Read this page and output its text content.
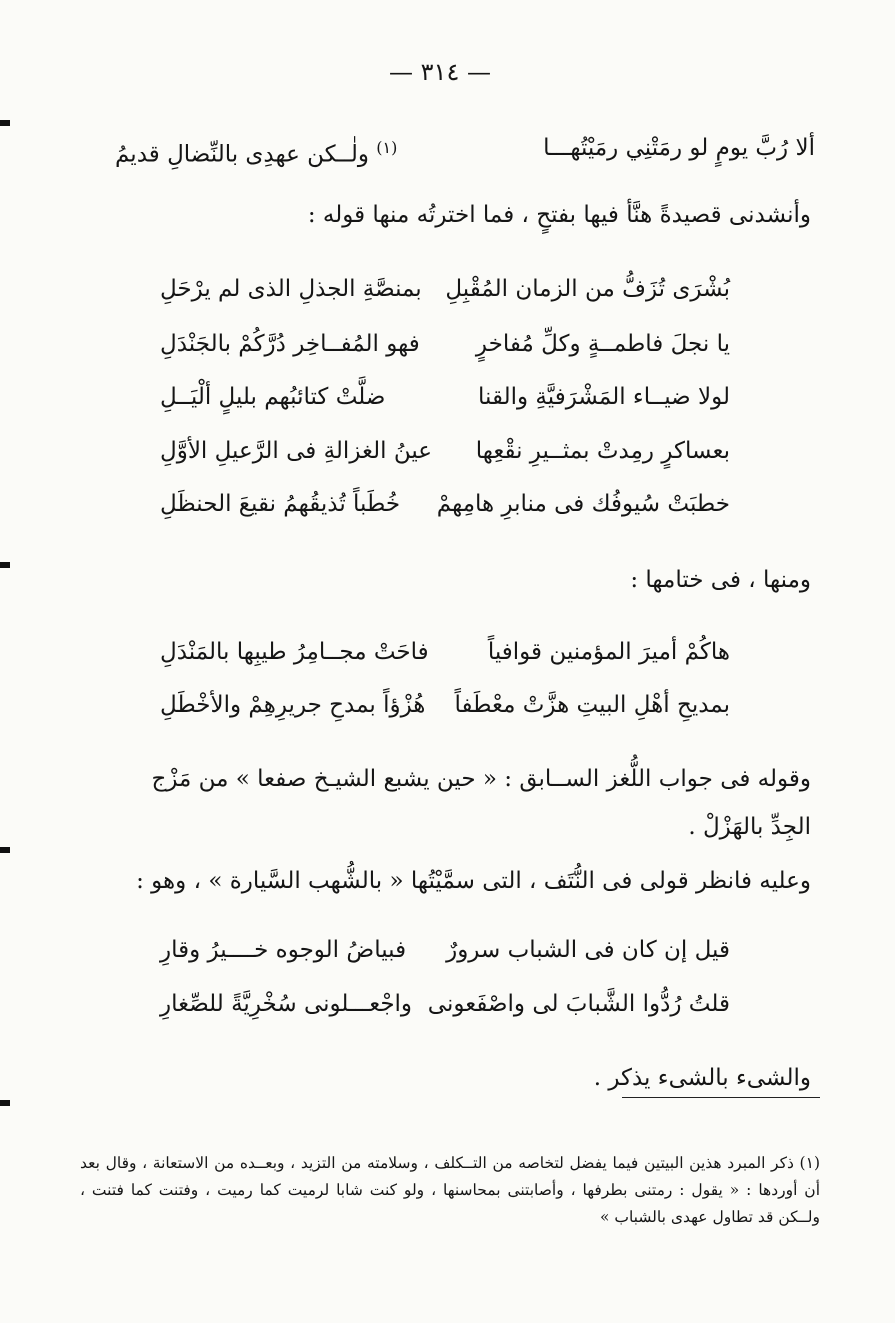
— ٣١٤ —
ألا رُبَّ يومٍ لو رمَتْنِي رمَيْتُهـــا
$^{(١)}$ ولٰــكن عهدِى بالنِّضالِ قديمُ
وأنشدنى قصيدةً هنَّأ فيها بفتحٍ ، فما اخترتُه منها قوله :
بُشْرَى تُزَفُّ من الزمان المُقْبِلِ
بمنصَّةِ الجذلِ الذى لم يرْحَلِ
يا نجلَ فاطمــةٍ وكلِّ مُفاخرٍ
فهو المُفــاخِر دُرَّكُمْ بالجَنْدَلِ
لولا ضيــاء المَشْرَفيَّةِ والقنا
ضلَّتْ كتائبُهم بليلٍ ألْيَــلِ
بعساكرٍ رمِدتْ بمثــيرِ نقْعِها
عينُ الغزالةِ فى الرَّعيلِ الأوَّلِ
خطبَتْ سُيوفُك فى منابرِ هامِهمْ
خُطَباً تُذيقُهمُ نقيعَ الحنظَلِ
ومنها ، فى ختامها :
هاكُمْ أميرَ المؤمنين قوافياً
فاحَتْ مجــامِرُ طيبِها بالمَنْدَلِ
بمديحِ أهْلِ البيتِ هزَّتْ معْطَفاً
هُزْؤاً بمدحِ جريرِهِمْ والأخْطَلِ
وقوله فى جواب اللُّغز الســابق : « حين يشبع الشيـخ صفعا » من مَزْج
الجِدِّ بالهَزْلْ .
وعليه فانظر قولى فى النُّتَف ، التى سمَّيْتُها « بالشُّهب السَّيارة » ، وهو :
قيل إن كان فى الشباب سرورٌ
فبياضُ الوجوه خــــيرُ وقارِ
قلتُ رُدُّوا الشَّبابَ لى واصْفَعونى
واجْعـــلونى سُخْرِيَّةً للصِّغارِ
والشىء بالشىء يذكر .
(١) ذكر المبرد هذين البيتين فيما يفضل لتخاصه من التــكلف ، وسلامته من التزيد ، وبعــده من الاستعانة ، وقال بعد أن أوردها : « يقول : رمتنى بطرفها ، وأصابتنى بمحاسنها ، ولو كنت شابا لرميت كما رميت ، وفتنت كما فتنت ، ولــكن قد تطاول عهدى بالشباب »
